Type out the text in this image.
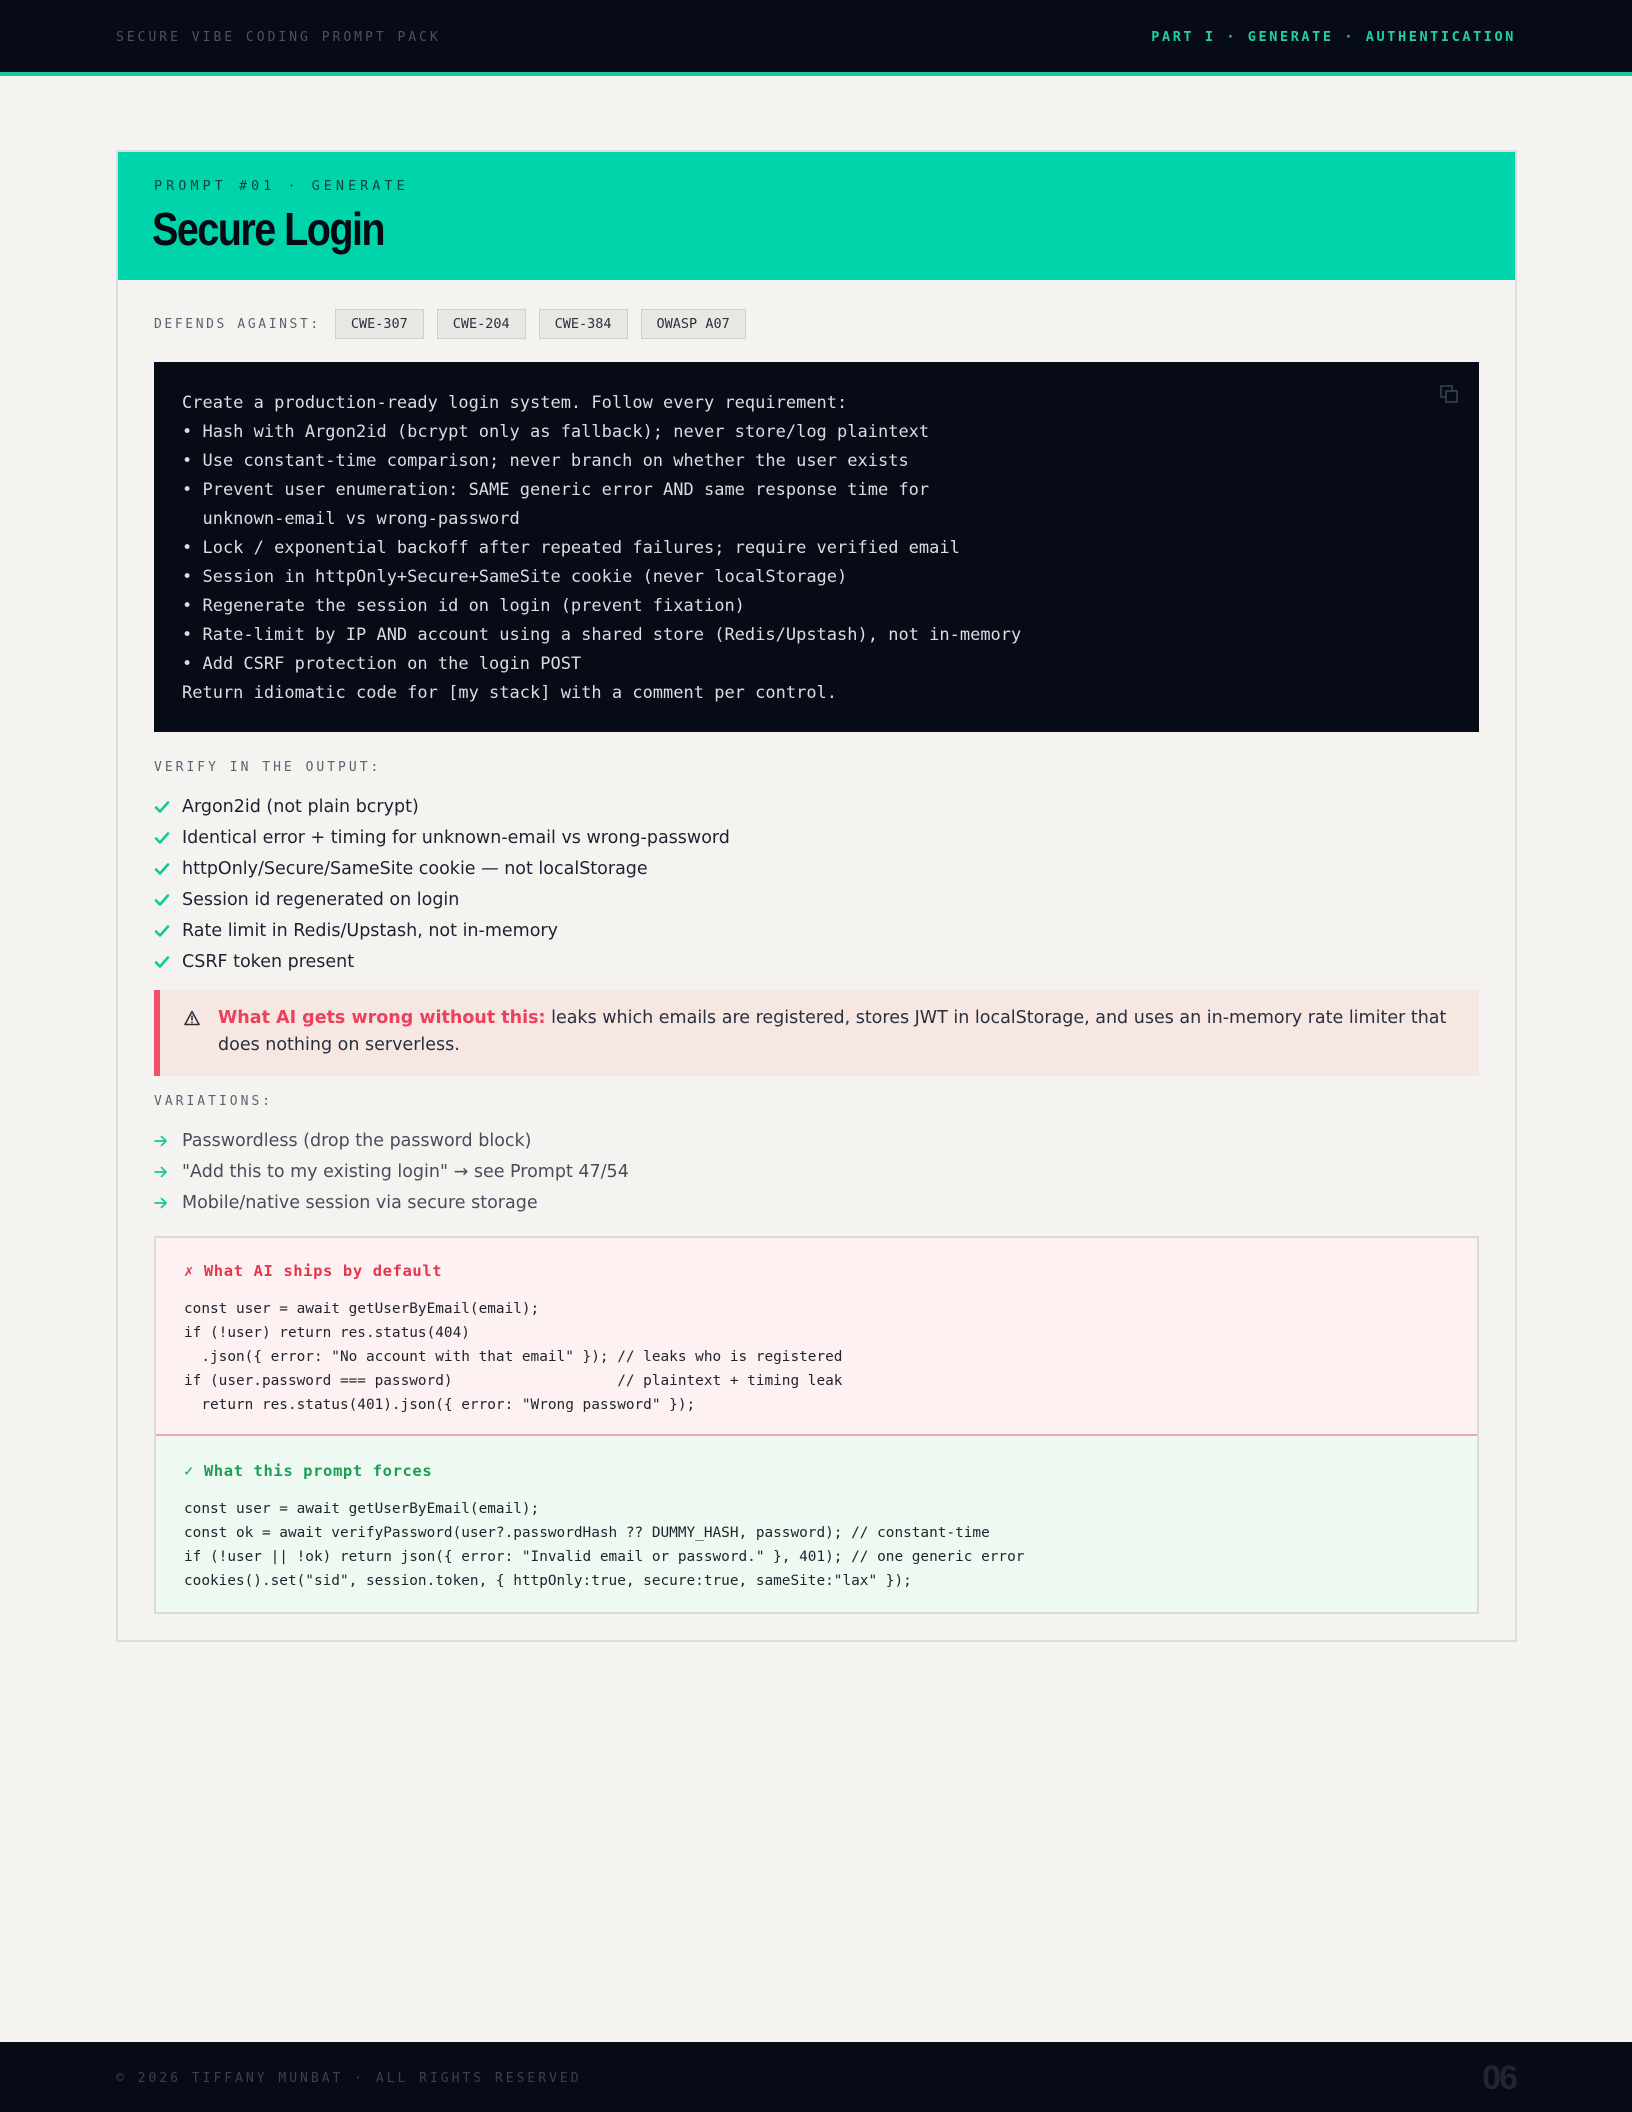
SECURE VIBE CODING PROMPT PACK	PART I · GENERATE · AUTHENTICATION
PROMPT #01 · GENERATE
Secure Login
DEFENDS AGAINST:	CWE-307	CWE-204	CWE-384	OWASP A07
Create a production-ready login system. Follow every requirement:
• Hash with Argon2id (bcrypt only as fallback); never store/log plaintext
• Use constant-time comparison; never branch on whether the user exists
• Prevent user enumeration: SAME generic error AND same response time for
unknown-email vs wrong-password
• Lock / exponential backoff after repeated failures; require verified email
• Session in httpOnly+Secure+SameSite cookie (never localStorage)
• Regenerate the session id on login (prevent fixation)
• Rate-limit by IP AND account using a shared store (Redis/Upstash), not in-memory
• Add CSRF protection on the login POST
Return idiomatic code for [my stack] with a comment per control.
VERIFY IN THE OUTPUT:
Argon2id (not plain bcrypt)
Identical error + timing for unknown-email vs wrong-password
httpOnly/Secure/SameSite cookie — not localStorage
Session id regenerated on login
Rate limit in Redis/Upstash, not in-memory
CSRF token present
What AI gets wrong without this: leaks which emails are registered, stores JWT in localStorage, and uses an in-memory rate limiter that does nothing on serverless.
VARIATIONS:
Passwordless (drop the password block)
"Add this to my existing login" → see Prompt 47/54
Mobile/native session via secure storage
✗ What AI ships by default
const user = await getUserByEmail(email);
if (!user) return res.status(404)
.json({ error: "No account with that email" }); // leaks who is registered
if (user.password === password)                   // plaintext + timing leak
return res.status(401).json({ error: "Wrong password" });
✓ What this prompt forces
const user = await getUserByEmail(email);
const ok = await verifyPassword(user?.passwordHash ?? DUMMY_HASH, password); // constant-time
if (!user || !ok) return json({ error: "Invalid email or password." }, 401); // one generic error
cookies().set("sid", session.token, { httpOnly:true, secure:true, sameSite:"lax" });
© 2026 TIFFANY MUNBAT · ALL RIGHTS RESERVED	06
